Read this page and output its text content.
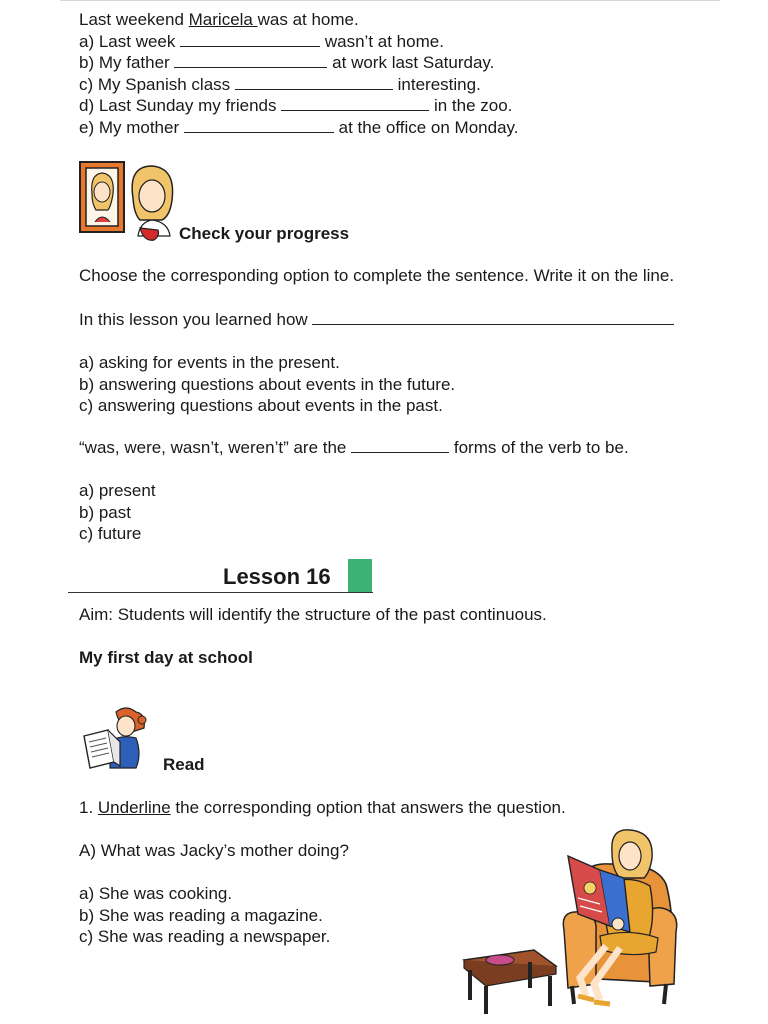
Last weekend Maricela was at home.
a) Last week	wasn’t at home.
b) My father	at work last Saturday.
c) My Spanish class	interesting.
d) Last Sunday my friends	in the zoo.
e) My mother	at the office on Monday.
Check your progress
Choose the corresponding option to complete the sentence. Write it on the line.
In this lesson you learned how
a) asking for events in the present.
b) answering questions about events in the future.
c) answering questions about events in the past.
“was, were, wasn’t, weren’t” are the	forms of the verb to be.
a) present
b) past
c) future
Lesson 16
Aim: Students will identify the structure of the past continuous.
My first day at school
Read
1. Underline the corresponding option that answers the question.
A) What was Jacky’s mother doing?
a) She was cooking.
b) She was reading a magazine.
c) She was reading a newspaper.
